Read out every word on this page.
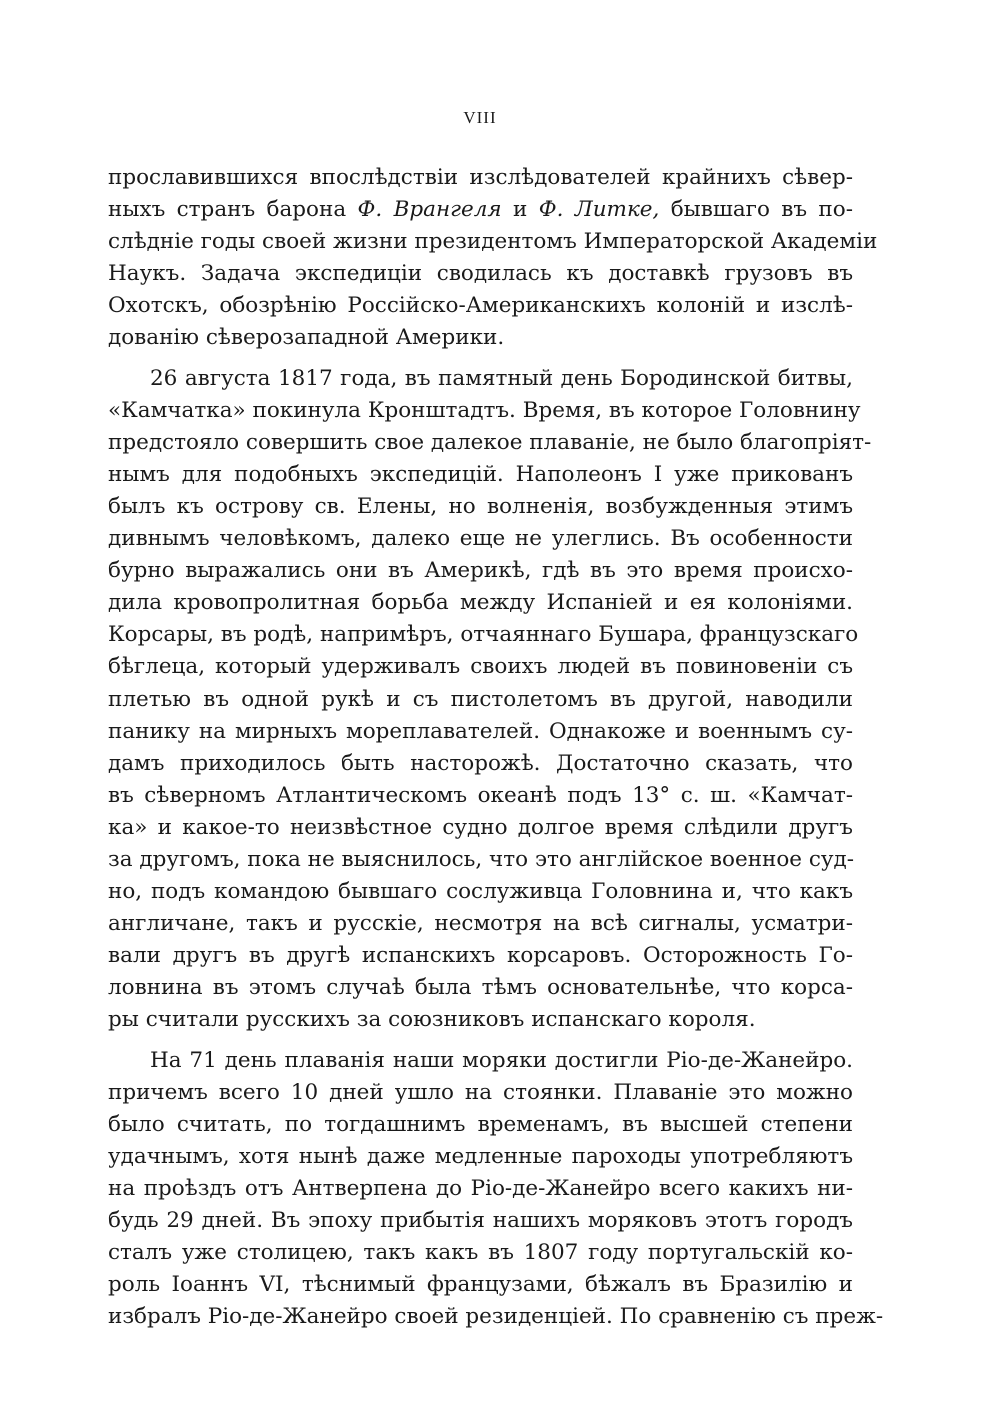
VIII
прославившихся впослѣдствіи изслѣдователей крайнихъ сѣвер-
ныхъ странъ барона Ф. Врангеля и Ф. Литке, бывшаго въ по-
слѣдніе годы своей жизни президентомъ Императорской Академіи
Наукъ. Задача экспедиціи сводилась къ доставкѣ грузовъ въ
Охотскъ, обозрѣнію Россійско-Американскихъ колоній и изслѣ-
дованію сѣверозападной Америки.
26 августа 1817 года, въ памятный день Бородинской битвы,
«Камчатка» покинула Кронштадтъ. Время, въ которое Головнину
предстояло совершить свое далекое плаваніе, не было благопріят-
нымъ для подобныхъ экспедицій. Наполеонъ I уже прикованъ
былъ къ острову св. Елены, но волненія, возбужденныя этимъ
дивнымъ человѣкомъ, далеко еще не улеглись. Въ особенности
бурно выражались они въ Америкѣ, гдѣ въ это время происхо-
дила кровопролитная борьба между Испаніей и ея колоніями.
Корсары, въ родѣ, напримѣръ, отчаяннаго Бушара, французскаго
бѣглеца, который удерживалъ своихъ людей въ повиновеніи съ
плетью въ одной рукѣ и съ пистолетомъ въ другой, наводили
панику на мирныхъ мореплавателей. Однакоже и военнымъ су-
дамъ приходилось быть насторожѣ. Достаточно сказать, что
въ сѣверномъ Атлантическомъ океанѣ подъ 13° с. ш. «Камчат-
ка» и какое-то неизвѣстное судно долгое время слѣдили другъ
за другомъ, пока не выяснилось, что это англійское военное суд-
но, подъ командою бывшаго сослуживца Головнина и, что какъ
англичане, такъ и русскіе, несмотря на всѣ сигналы, усматри-
вали другъ въ другѣ испанскихъ корсаровъ. Осторожность Го-
ловнина въ этомъ случаѣ была тѣмъ основательнѣе, что корса-
ры считали русскихъ за союзниковъ испанскаго короля.
На 71 день плаванія наши моряки достигли Ріо-де-Жанейро.
причемъ всего 10 дней ушло на стоянки. Плаваніе это можно
было считать, по тогдашнимъ временамъ, въ высшей степени
удачнымъ, хотя нынѣ даже медленные пароходы употребляютъ
на проѣздъ отъ Антверпена до Ріо-де-Жанейро всего какихъ ни-
будь 29 дней. Въ эпоху прибытія нашихъ моряковъ этотъ городъ
сталъ уже столицею, такъ какъ въ 1807 году португальскій ко-
роль Іоаннъ VI, тѣснимый французами, бѣжалъ въ Бразилію и
избралъ Ріо-де-Жанейро своей резиденціей. По сравненію съ преж-
